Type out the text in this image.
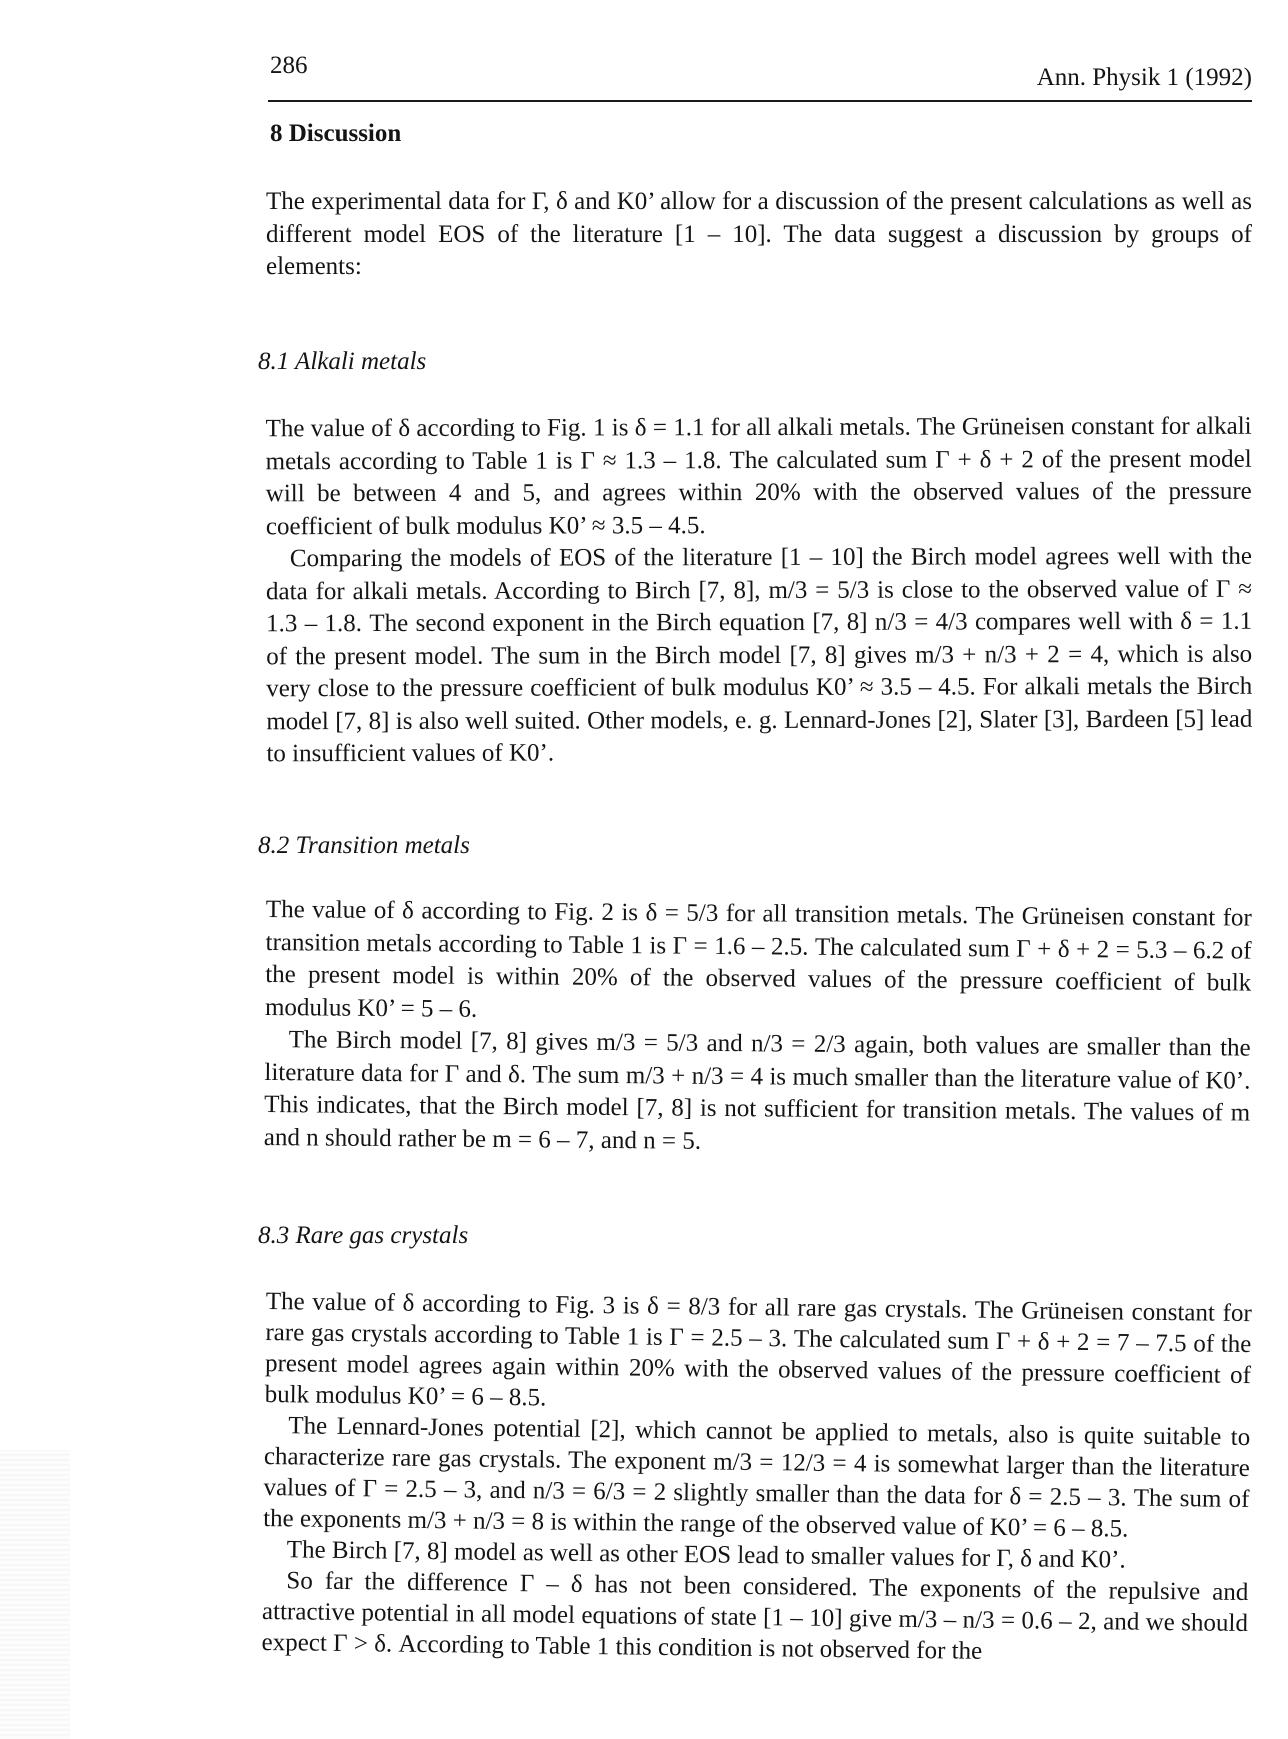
286	Ann. Physik 1 (1992)
8 Discussion

The experimental data for Γ, δ and K0’ allow for a discussion of the present calculations as well as different model EOS of the literature [1 – 10]. The data suggest a discussion by groups of elements:

8.1 Alkali metals

The value of δ according to Fig. 1 is δ = 1.1 for all alkali metals. The Grüneisen constant for alkali metals according to Table 1 is Γ ≈ 1.3 – 1.8. The calculated sum Γ + δ + 2 of the present model will be between 4 and 5, and agrees within 20% with the observed values of the pressure coefficient of bulk modulus K0’ ≈ 3.5 – 4.5.

Comparing the models of EOS of the literature [1 – 10] the Birch model agrees well with the data for alkali metals. According to Birch [7, 8], m/3 = 5/3 is close to the observed value of Γ ≈ 1.3 – 1.8. The second exponent in the Birch equation [7, 8] n/3 = 4/3 compares well with δ = 1.1 of the present model. The sum in the Birch model [7, 8] gives m/3 + n/3 + 2 = 4, which is also very close to the pressure coefficient of bulk modulus K0’ ≈ 3.5 – 4.5. For alkali metals the Birch model [7, 8] is also well suited. Other models, e. g. Lennard-Jones [2], Slater [3], Bardeen [5] lead to insufficient values of K0’.

8.2 Transition metals

The value of δ according to Fig. 2 is δ = 5/3 for all transition metals. The Grüneisen constant for transition metals according to Table 1 is Γ = 1.6 – 2.5. The calculated sum Γ + δ + 2 = 5.3 – 6.2 of the present model is within 20% of the observed values of the pressure coefficient of bulk modulus K0’ = 5 – 6.

The Birch model [7, 8] gives m/3 = 5/3 and n/3 = 2/3 again, both values are smaller than the literature data for Γ and δ. The sum m/3 + n/3 = 4 is much smaller than the literature value of K0’. This indicates, that the Birch model [7, 8] is not sufficient for transition metals. The values of m and n should rather be m = 6 – 7, and n = 5.

8.3 Rare gas crystals

The value of δ according to Fig. 3 is δ = 8/3 for all rare gas crystals. The Grüneisen constant for rare gas crystals according to Table 1 is Γ = 2.5 – 3. The calculated sum Γ + δ + 2 = 7 – 7.5 of the present model agrees again within 20% with the observed values of the pressure coefficient of bulk modulus K0’ = 6 – 8.5.

The Lennard-Jones potential [2], which cannot be applied to metals, also is quite suitable to characterize rare gas crystals. The exponent m/3 = 12/3 = 4 is somewhat larger than the literature values of Γ = 2.5 – 3, and n/3 = 6/3 = 2 slightly smaller than the data for δ = 2.5 – 3. The sum of the exponents m/3 + n/3 = 8 is within the range of the observed value of K0’ = 6 – 8.5.

The Birch [7, 8] model as well as other EOS lead to smaller values for Γ, δ and K0’.

So far the difference Γ – δ has not been considered. The exponents of the repulsive and attractive potential in all model equations of state [1 – 10] give m/3 – n/3 = 0.6 – 2, and we should expect Γ > δ. According to Table 1 this condition is not observed for the
